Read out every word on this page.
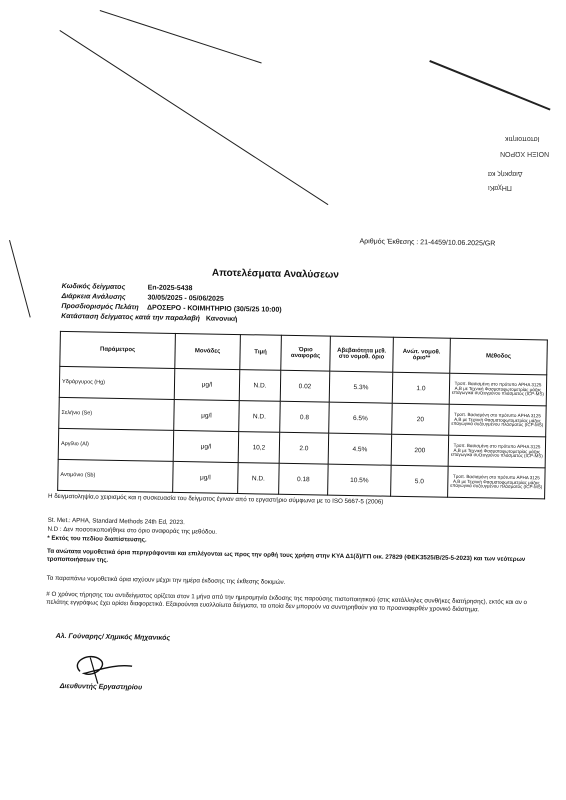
Ιστοποιητικ
ΝΟΙΞΗ ΧΩΡΟΝ
Διαρκής κα
ΠΗχαΚι
Αριθμός Έκθεσης : 21-4459/10.06.2025/GR
Αποτελέσματα Αναλύσεων
Κωδικός δείγματος	Εn-2025-5438
Διάρκεια Ανάλυσης	30/05/2025 - 05/06/2025
Προσδιορισμός Πελάτη ΔΡΟΣΕΡΟ - ΚΟΙΜΗΤΗΡΙΟ (30/5/25 10:00)
Κατάσταση δείγματος κατά την παραλαβή Κανονική
Παράμετρος	Μονάδες	Τιμή	Όριο αναφοράς	Αβεβαιότητα μεθ. στο νομοθ. όριο	Ανώτ. νομοθ. όριο**	Μέθοδος
Υδράργυρος (Hg)	μg/l	N.D.	0.02	5.3%	1.0	Τροπ. Βασισμένη στο πρότυπο APHA 3125 A,B με Τεχνική Φασματοφωτομετρίας μάζας επαγωγικά συζευγμένου πλάσματος (ICP-MS)
Σελήνιο (Se)	μg/l	N.D.	0.8	6.5%	20	Τροπ. Βασισμένη στο πρότυπο APHA 3125 A,B με Τεχνική Φασματοφωτομετρίας μάζας επαγωγικά συζευγμένου πλάσματος (ICP-MS)
Αργίλιο (Al)	μg/l	10,2	2.0	4.5%	200	Τροπ. Βασισμένη στο πρότυπο APHA 3125 A,B με Τεχνική Φασματοφωτομετρίας μάζας επαγωγικά συζευγμένου πλάσματος (ICP-MS)
Αντιμόνιο (Sb)	μg/l	N.D.	0.18	10.5%	5.0	Τροπ. Βασισμένη στο πρότυπο APHA 3125 A,B με Τεχνική Φασματοφωτομετρίας μάζας επαγωγικά συζευγμένου πλάσματος (ICP-MS)
Η δειγματοληψία,ο χειρισμός και η συσκευασία του δείγματος έγιναν από το εργαστήριο σύμφωνα με το ISO 5667-5 (2006)
St. Met.: APHA, Standard Methods 24th Ed, 2023.
N.D : Δεν ποσοτικοποιήθηκε στο όριο αναφοράς της μεθόδου.
* Εκτός του πεδίου διαπίστευσης.
Τα ανώτατα νομοθετικά όρια περιγράφονται και επιλέγονται ως προς την ορθή τους χρήση στην ΚΥΑ Δ1(δ)/ΓΠ οικ. 27829 (ΦΕΚ3525/Β/25-5-2023) και των νεότερων τροποποιήσεων της.
Τα παραπάνω νομοθετικά όρια ισχύουν μέχρι την ημέρα έκδοσης της έκθεσης δοκιμών.
# Ο χρόνος τήρησης του αντιδείγματος ορίζεται στον 1 μήνα από την ημερομηνία έκδοσης της παρούσης πιστοποιητικού (στις κατάλληλες συνθήκες διατήρησης), εκτός και αν ο πελάτης εγγράφως έχει ορίσει διαφορετικά. Εξαιρούνται ευαλλοίωτα δείγματα, τα οποία δεν μπορούν να συντηρηθούν για το προαναφερθέν χρονικό διάστημα.
Αλ. Γούναρης/ Χημικός Μηχανικός
Διευθυντής Εργαστηρίου
